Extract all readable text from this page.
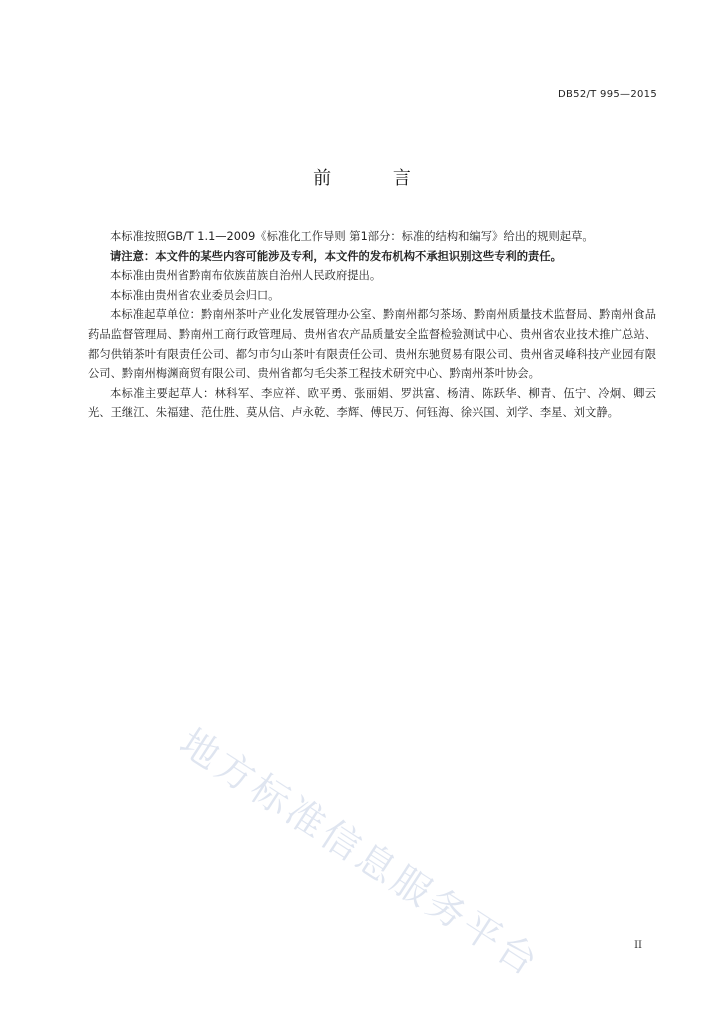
DB52/T 995—2015
前 言

本标准按照GB/T 1.1—2009《标准化工作导则 第1部分：标准的结构和编写》给出的规则起草。

请注意：本文件的某些内容可能涉及专利，本文件的发布机构不承担识别这些专利的责任。

本标准由贵州省黔南布依族苗族自治州人民政府提出。

本标准由贵州省农业委员会归口。

本标准起草单位：黔南州茶叶产业化发展管理办公室、黔南州都匀茶场、黔南州质量技术监督局、黔南州食品药品监督管理局、黔南州工商行政管理局、贵州省农产品质量安全监督检验测试中心、贵州省农业技术推广总站、都匀供销茶叶有限责任公司、都匀市匀山茶叶有限责任公司、贵州东驰贸易有限公司、贵州省灵峰科技产业园有限公司、黔南州梅渊商贸有限公司、贵州省都匀毛尖茶工程技术研究中心、黔南州茶叶协会。

本标准主要起草人：林科军、李应祥、欧平勇、张丽娟、罗洪富、杨清、陈跃华、柳青、伍宁、冷炯、卿云光、王继江、朱福建、范仕胜、莫从信、卢永乾、李辉、傅民万、何钰海、徐兴国、刘学、李星、刘文静。

地方标准信息服务平台	II
